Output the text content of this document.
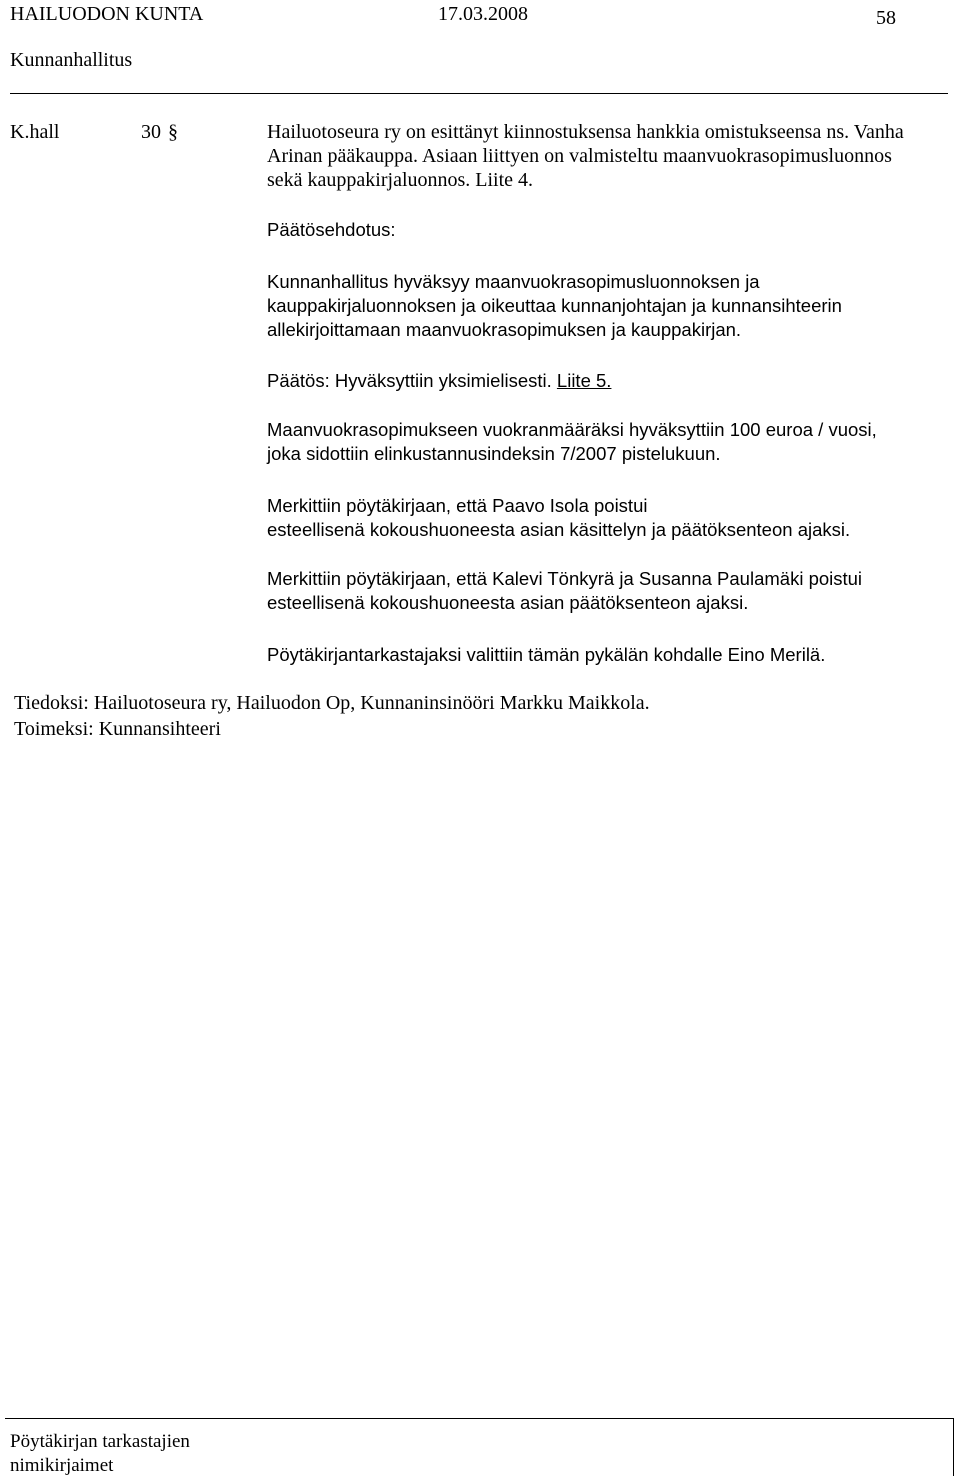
HAILUODON KUNTA	17.03.2008	58
Kunnanhallitus
K.hall	30 §	Hailuotoseura ry on esittänyt kiinnostuksensa hankkia omistukseensa ns. Vanha
Arinan pääkauppa. Asiaan liittyen on valmisteltu maanvuokrasopimusluonnos
sekä kauppakirjaluonnos. Liite 4.
Päätösehdotus:
Kunnanhallitus hyväksyy maanvuokrasopimusluonnoksen ja
kauppakirjaluonnoksen ja oikeuttaa kunnanjohtajan ja kunnansihteerin
allekirjoittamaan maanvuokrasopimuksen ja kauppakirjan.
Päätös: Hyväksyttiin yksimielisesti. Liite 5.
Maanvuokrasopimukseen vuokranmääräksi hyväksyttiin 100 euroa / vuosi,
joka sidottiin elinkustannusindeksin 7/2007 pistelukuun.
Merkittiin pöytäkirjaan, että Paavo Isola poistui
esteellisenä kokoushuoneesta asian käsittelyn ja päätöksenteon ajaksi.
Merkittiin pöytäkirjaan, että Kalevi Tönkyrä ja Susanna Paulamäki poistui
esteellisenä kokoushuoneesta asian päätöksenteon ajaksi.
Pöytäkirjantarkastajaksi valittiin tämän pykälän kohdalle Eino Merilä.
Tiedoksi: Hailuotoseura ry, Hailuodon Op, Kunnaninsinööri Markku Maikkola.
Toimeksi: Kunnansihteeri
Pöytäkirjan tarkastajien
nimikirjaimet
